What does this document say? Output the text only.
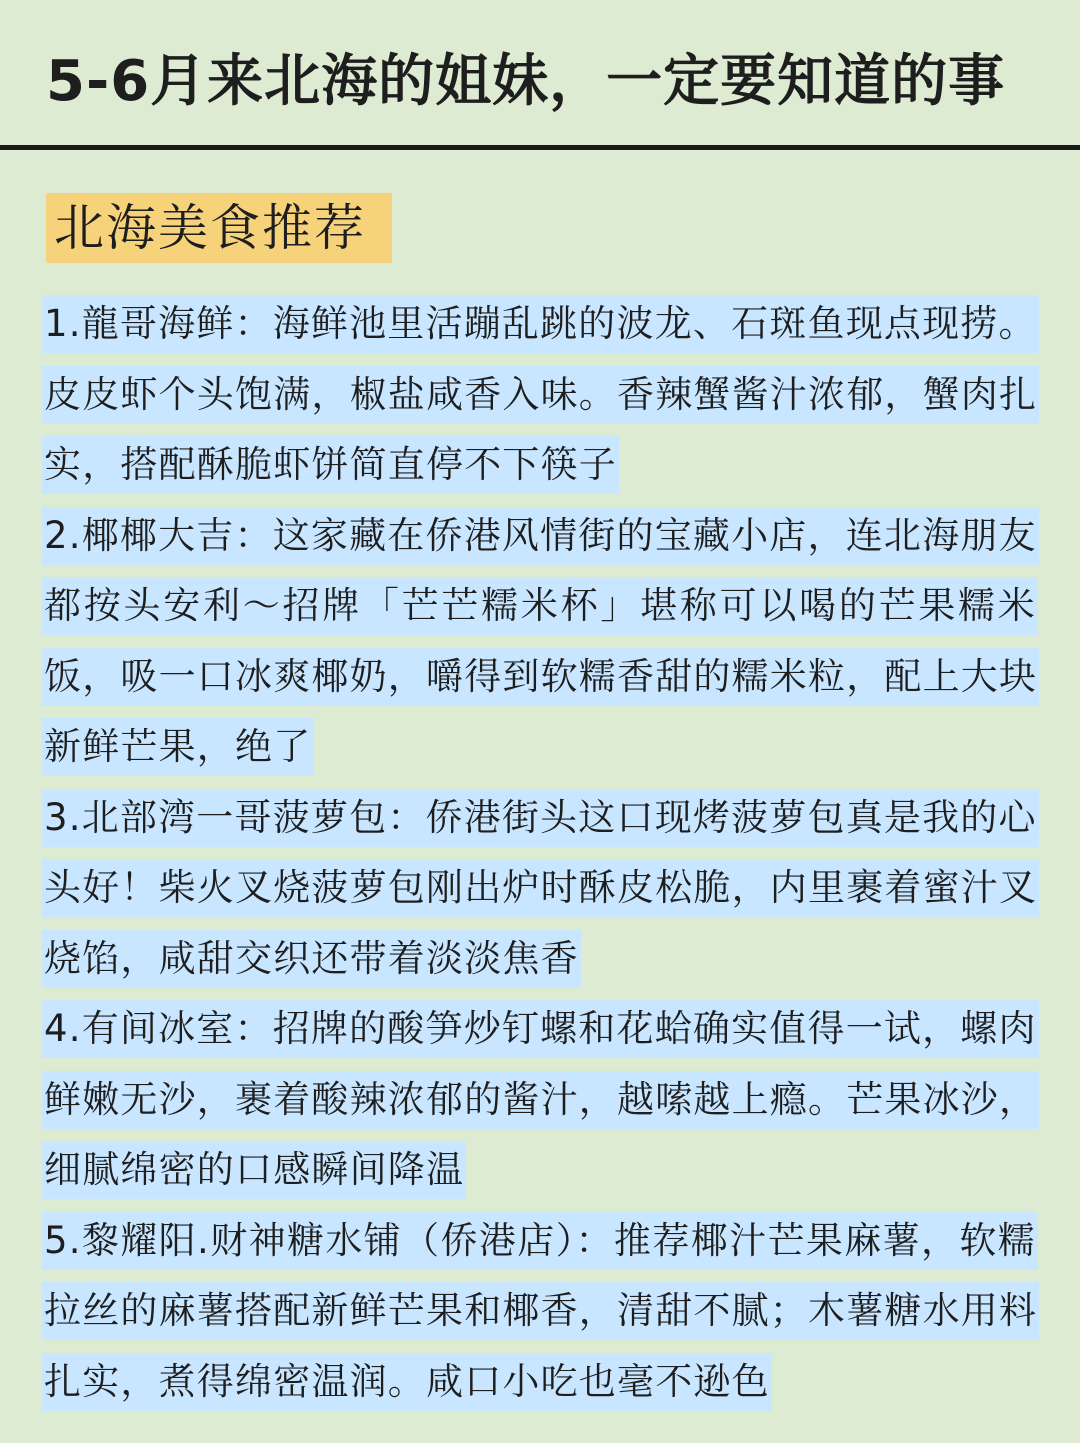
5-6月来北海的姐妹，一定要知道的事
北海美食推荐
1.龍哥海鲜：海鲜池里活蹦乱跳的波龙、石斑鱼现点现捞。皮皮虾个头饱满，椒盐咸香入味。香辣蟹酱汁浓郁，蟹肉扎实，搭配酥脆虾饼简直停不下筷子
2.椰椰大吉：这家藏在侨港风情街的宝藏小店，连北海朋友都按头安利～招牌「芒芒糯米杯」堪称可以喝的芒果糯米饭，吸一口冰爽椰奶，嚼得到软糯香甜的糯米粒，配上大块新鲜芒果，绝了
3.北部湾一哥菠萝包：侨港街头这口现烤菠萝包真是我的心头好！柴火叉烧菠萝包刚出炉时酥皮松脆，内里裹着蜜汁叉烧馅，咸甜交织还带着淡淡焦香
4.有间冰室：招牌的酸笋炒钉螺和花蛤确实值得一试，螺肉鲜嫩无沙，裹着酸辣浓郁的酱汁，越嗦越上瘾。芒果冰沙，细腻绵密的口感瞬间降温
5.黎耀阳.财神糖水铺（侨港店）：推荐椰汁芒果麻薯，软糯拉丝的麻薯搭配新鲜芒果和椰香，清甜不腻；木薯糖水用料扎实，煮得绵密温润。咸口小吃也毫不逊色
